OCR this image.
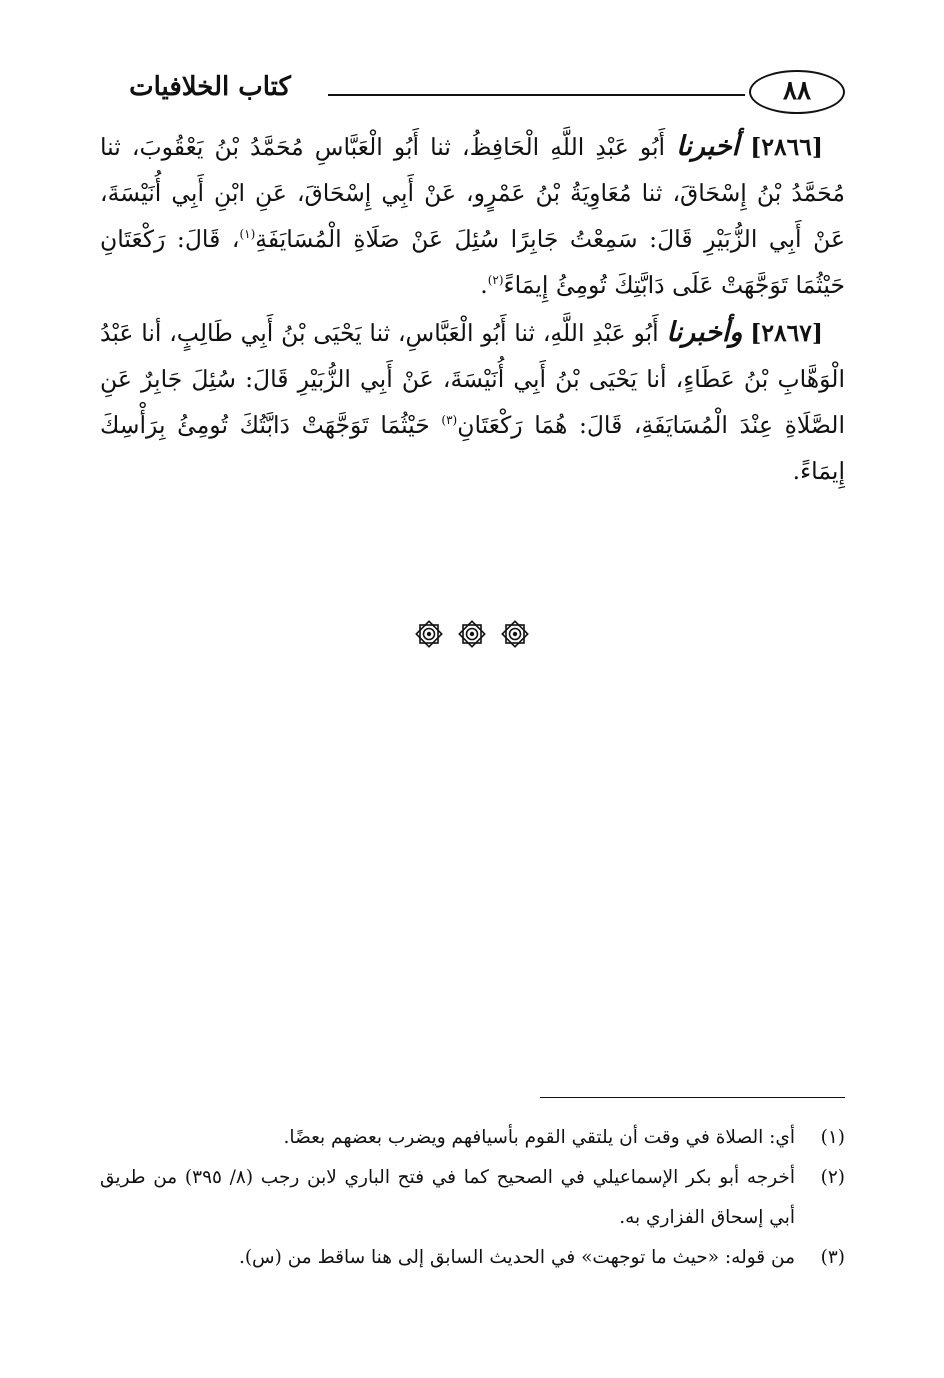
كتاب الخلافيات	٨٨

[٢٨٦٦] أخبرنا أَبُو عَبْدِ اللَّهِ الْحَافِظُ، ثنا أَبُو الْعَبَّاسِ مُحَمَّدُ بْنُ يَعْقُوبَ، ثنا مُحَمَّدُ بْنُ إِسْحَاقَ، ثنا مُعَاوِيَةُ بْنُ عَمْرٍو، عَنْ أَبِي إِسْحَاقَ، عَنِ ابْنِ أَبِي أُنَيْسَةَ، عَنْ أَبِي الزُّبَيْرِ قَالَ: سَمِعْتُ جَابِرًا سُئِلَ عَنْ صَلَاةِ الْمُسَايَفَةِ$^{(١)}$، قَالَ: رَكْعَتَانِ حَيْثُمَا تَوَجَّهَتْ عَلَى دَابَّتِكَ تُومِئُ إِيمَاءً$^{(٢)}$.

[٢٨٦٧] وأخبرنا أَبُو عَبْدِ اللَّهِ، ثنا أَبُو الْعَبَّاسِ، ثنا يَحْيَى بْنُ أَبِي طَالِبٍ، أنا عَبْدُ الْوَهَّابِ بْنُ عَطَاءٍ، أنا يَحْيَى بْنُ أَبِي أُنَيْسَةَ، عَنْ أَبِي الزُّبَيْرِ قَالَ: سُئِلَ جَابِرٌ عَنِ الصَّلَاةِ عِنْدَ الْمُسَايَفَةِ، قَالَ: هُمَا رَكْعَتَانِ$^{(٣)}$ حَيْثُمَا تَوَجَّهَتْ دَابَّتُكَ تُومِئُ بِرَأْسِكَ إِيمَاءً.

(١)
أي: الصلاة في وقت أن يلتقي القوم بأسيافهم ويضرب بعضهم بعضًا.
(٢)
أخرجه أبو بكر الإسماعيلي في الصحيح كما في فتح الباري لابن رجب (٨/ ٣٩٥) من طريق أبي إسحاق الفزاري به.
(٣)
من قوله: «حيث ما توجهت» في الحديث السابق إلى هنا ساقط من (س).
